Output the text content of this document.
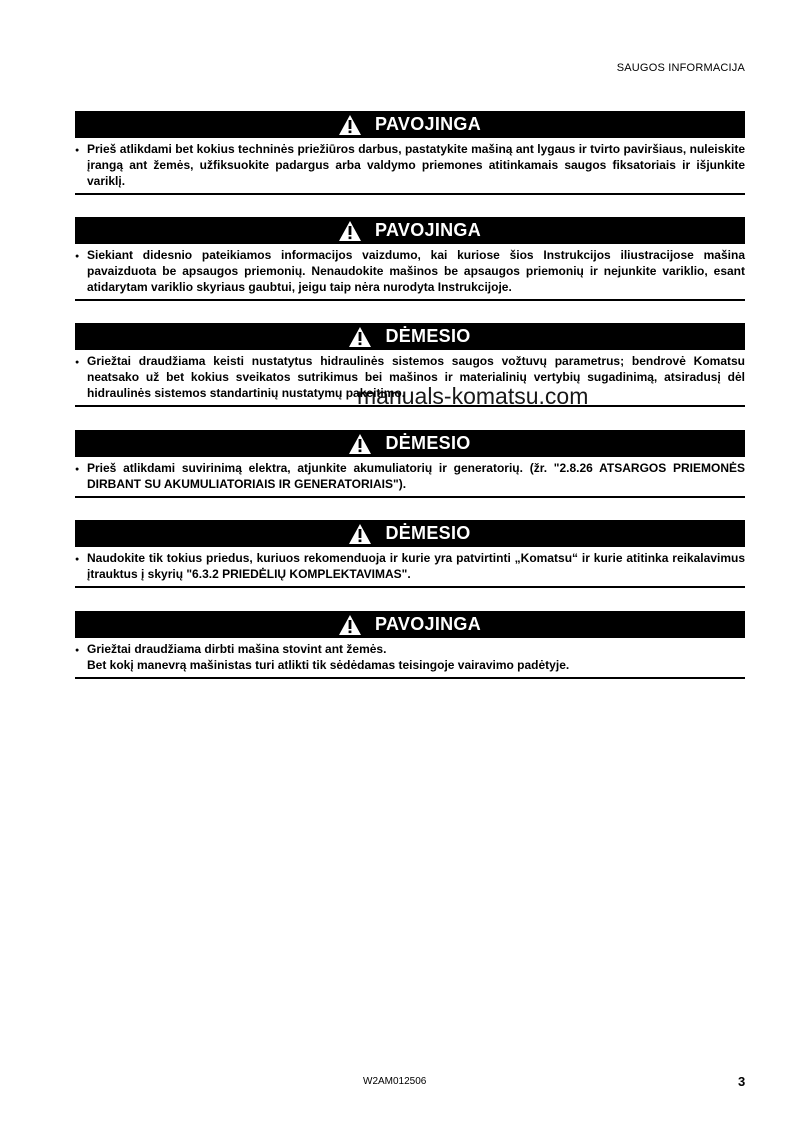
SAUGOS INFORMACIJA
PAVOJINGA

● Prieš atlikdami bet kokius techninės priežiūros darbus, pastatykite mašiną ant lygaus ir tvirto paviršiaus, nuleiskite įrangą ant žemės, užfiksuokite padargus arba valdymo priemones atitinkamais saugos fiksatoriais ir išjunkite variklį.

PAVOJINGA

● Siekiant didesnio pateikiamos informacijos vaizdumo, kai kuriose šios Instrukcijos iliustracijose mašina pavaizduota be apsaugos priemonių. Nenaudokite mašinos be apsaugos priemonių ir nejunkite variklio, esant atidarytam variklio skyriaus gaubtui, jeigu taip nėra nurodyta Instrukcijoje.

DĖMESIO

● Griežtai draudžiama keisti nustatytus hidraulinės sistemos saugos vožtuvų parametrus; bendrovė Komatsu neatsako už bet kokius sveikatos sutrikimus bei mašinos ir materialinių vertybių sugadinimą, atsiradusį dėl hidraulinės sistemos standartinių nustatymų pakeitimo.

DĖMESIO

● Prieš atlikdami suvirinimą elektra, atjunkite akumuliatorių ir generatorių. (žr. "2.8.26 ATSARGOS PRIEMONĖS DIRBANT SU AKUMULIATORIAIS IR GENERATORIAIS").

DĖMESIO

● Naudokite tik tokius priedus, kuriuos rekomenduoja ir kurie yra patvirtinti „Komatsu“ ir kurie atitinka reikalavimus įtrauktus į skyrių "6.3.2 PRIEDĖLIŲ KOMPLEKTAVIMAS".

PAVOJINGA

● Griežtai draudžiama dirbti mašina stovint ant žemės.

Bet kokį manevrą mašinistas turi atlikti tik sėdėdamas teisingoje vairavimo padėtyje.

manuals-komatsu.com
W2AM012506	3
